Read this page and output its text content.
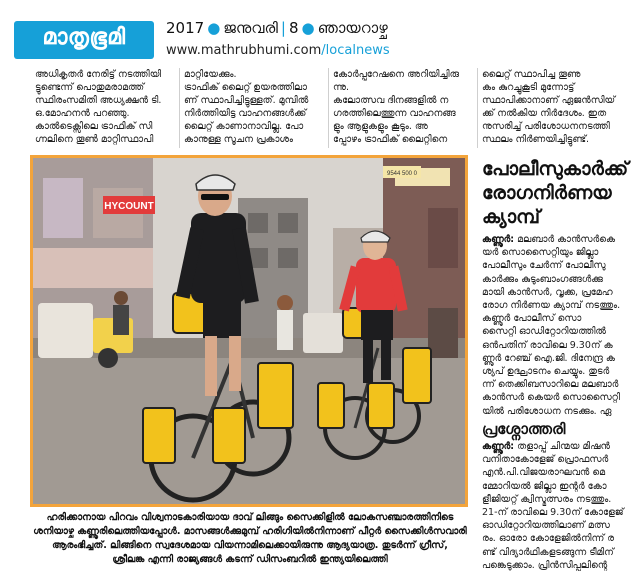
മാതൃഭൂമി	2017 ● ജനുവരി | 8 ● ഞായറാഴ്ച
www.mathrubhumi.com/localnews

അധികൃതർ നേരിട്ട് നടത്തിയി

ട്ടുണ്ടെന്ന് പൊതുമരാമത്ത്

സ്ഥിരംസമിതി അധ്യക്ഷൻ ടി.

ഒ.മോഹനൻ പറഞ്ഞു.

കാൽടെക്സിലെ ട്രാഫിക് സി

ഗ്നലിനെ തൂൺ മാറ്റിസ്ഥാപി

മാറ്റിയേക്കും.

ട്രാഫിക് ലൈറ്റ് ഉയരത്തിലാ

ണ് സ്ഥാപിച്ചിട്ടുള്ളത്. മുമ്പിൽ

നിർത്തിയിട്ട വാഹനങ്ങൾക്ക്

ലൈറ്റ് കാണാനാവില്ല. പോ

കാനുള്ള സൂചന പ്രകാശം

കോർപ്പറേഷനെ അറിയിച്ചിരു

ന്നു.

കലോത്സവ ദിനങ്ങളിൽ ന

ഗരത്തിലെത്തുന്ന വാഹനങ്ങ

ളും ആളുകളും കൂടും. അ

പ്പോഴം ട്രാഫിക് ലൈറ്റിനെ

ലൈറ്റ് സ്ഥാപിച്ച തൂണു

കം കുറച്ചുകൂടി മുന്നോട്ട്

സ്ഥാപിക്കാനാണ് ഏജൻസിയ്

ക്ക് നൽകിയ നിർദേശം. ഇത

നുസരിച്ച് പരിശോധനനടത്തി

സ്ഥലം നിർണയിച്ചിട്ടുണ്ട്.

HYCOUNT
9544 500 0

ഹരിക്കാനായ പിറവം വിശ്വനാടകാരിയായ ദാവ് ലിങ്ങും സൈക്കിളിൽ ലോകസഞ്ചാരത്തിനിടെ

ശനിയാഴ്ച കണ്ണൂരിലെത്തിയപ്പോൾ. മാസങ്ങൾക്കുമുമ്പ് ഹരിഗിയിൽനിന്നാണ് പീറ്റർ സൈക്കിൾസവാരി

ആരംഭിച്ചത്. ലിങ്ങിനെ സ്വദേശമായ വിയന്നാമിലെക്കായിരുന്നു ആദ്യയാത്ര. തുടർന്ന് ഗ്രീസ്,

ശ്രീലങ്ക എന്നി രാജ്യങ്ങൾ കടന്ന് ഡിസംബറിൽ ഇന്ത്യയിലെത്തി

പോലീസുകാർക്ക്
രോഗനിർണയ
ക്യാമ്പ്

കണ്ണൂർ: മലബാർ കാൻസർകെ

യർ സൊസൈറ്റിയും ജില്ലാ

പോലീസും ചേർന്ന് പോലീസു

കാർക്കും കുടുംബാംഗങ്ങൾക്കു

മായി കാൻസർ, വൃക്ക, പ്രമേഹ

രോഗ നിർണയ ക്യാമ്പ് നടത്തും.

കണ്ണൂർ പോലീസ് സൊ

സൈറ്റി ഓഡിറ്റോറിയത്തിൽ

ഒൻപതിന് രാവിലെ 9.30ന് ക

ണ്ണൂർ റേഞ്ച് ഐ.ജി. ദിനേന്ദ്ര ക

ശ്യപ് ഉദ്ഘാടനം ചെയ്യും. തുടർ

ന്ന് തെക്കിബസാറിലെ മലബാർ

കാൻസർ കെയർ സൊസൈറ്റി

യിൽ പരിശോധന നടക്കും. ഏ

പ്രശ്നോത്തരി

കണ്ണൂർ: തളാപ്പ് ചിന്മയ മിഷൻ

വനിതാകോളേജ് പ്രൊഫസർ

എൻ.പി.വിജയരാഘവൻ മെ

മ്മോറിയൽ ജില്ലാ ഇന്റർ കോ

ളീജിയറ്റ് ക്വിസ്മത്സരം നടത്തും.

21-ന് രാവിലെ 9.30ന് കോളേജ്

ഓഡിറ്റോറിയത്തിലാണ് മത്സ

രം. ഓരോ കോളേജിൽനിന്ന് ര

ണ്ട് വിദ്യാർഥികളടങ്ങുന്ന ടീമിന്

പങ്കെടുക്കാം. പ്രിൻസിപ്പലിന്റെ
